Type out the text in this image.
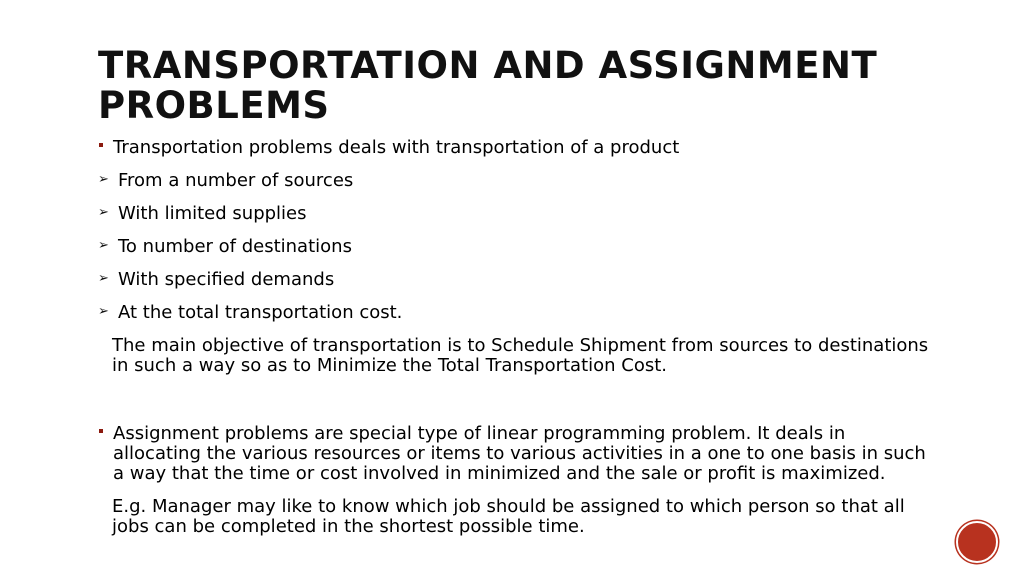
TRANSPORTATION AND ASSIGNMENT PROBLEMS

Transportation problems deals with transportation of a product

➢ From a number of sources

➢ With limited supplies

➢ To number of destinations

➢ With specified demands

➢ At the total transportation cost.

The main objective of transportation is to Schedule Shipment from sources to destinations in such a way so as to Minimize the Total Transportation Cost.

Assignment problems are special type of linear programming problem. It deals in allocating the various resources or items to various activities in a one to one basis in such a way that the time or cost involved in minimized and the sale or profit is maximized.

E.g. Manager may like to know which job should be assigned to which person so that all jobs can be completed in the shortest possible time.
